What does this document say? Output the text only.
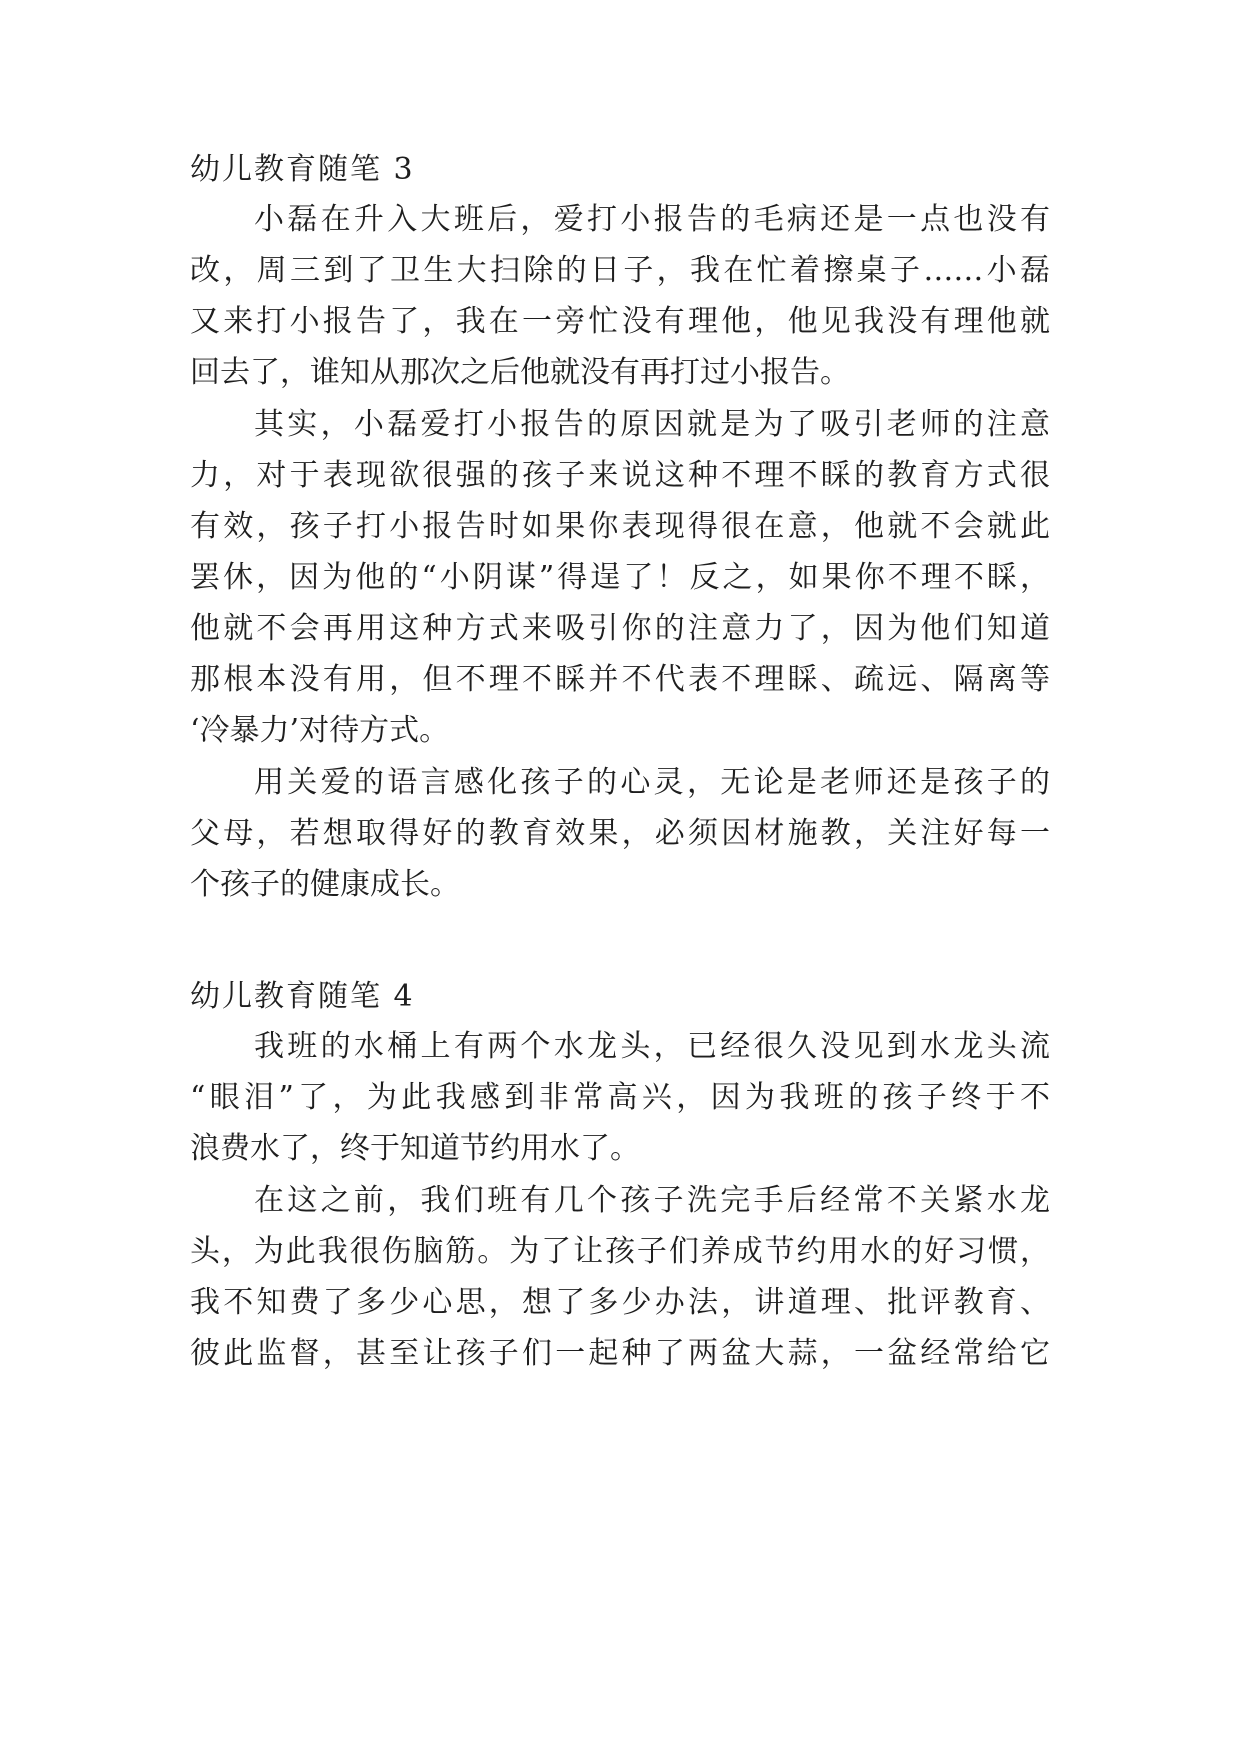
幼儿教育随笔 3
小磊在升入大班后，爱打小报告的毛病还是一点也没有
改，周三到了卫生大扫除的日子，我在忙着擦桌子……小磊
又来打小报告了，我在一旁忙没有理他，他见我没有理他就
回去了，谁知从那次之后他就没有再打过小报告。
其实，小磊爱打小报告的原因就是为了吸引老师的注意
力，对于表现欲很强的孩子来说这种不理不睬的教育方式很
有效，孩子打小报告时如果你表现得很在意，他就不会就此
罢休，因为他的“小阴谋”得逞了！反之，如果你不理不睬，
他就不会再用这种方式来吸引你的注意力了，因为他们知道
那根本没有用，但不理不睬并不代表不理睬、疏远、隔离等
‘冷暴力’对待方式。
用关爱的语言感化孩子的心灵，无论是老师还是孩子的
父母，若想取得好的教育效果，必须因材施教，关注好每一
个孩子的健康成长。
幼儿教育随笔 4
我班的水桶上有两个水龙头，已经很久没见到水龙头流
“眼泪”了，为此我感到非常高兴，因为我班的孩子终于不
浪费水了，终于知道节约用水了。
在这之前，我们班有几个孩子洗完手后经常不关紧水龙
头，为此我很伤脑筋。为了让孩子们养成节约用水的好习惯，
我不知费了多少心思，想了多少办法，讲道理、批评教育、
彼此监督，甚至让孩子们一起种了两盆大蒜，一盆经常给它
